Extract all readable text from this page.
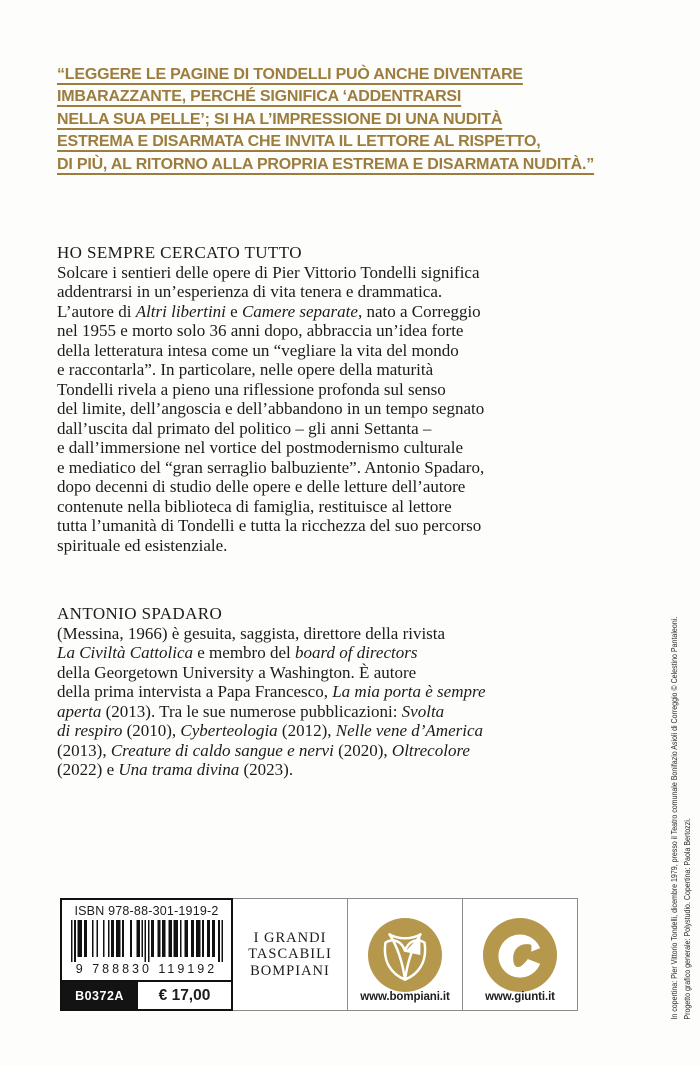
“LEGGERE LE PAGINE DI TONDELLI PUÒ ANCHE DIVENTARE
IMBARAZZANTE, PERCHÉ SIGNIFICA ‘ADDENTRARSI
NELLA SUA PELLE’; SI HA L’IMPRESSIONE DI UNA NUDITÀ
ESTREMA E DISARMATA CHE INVITA IL LETTORE AL RISPETTO,
DI PIÙ, AL RITORNO ALLA PROPRIA ESTREMA E DISARMATA NUDITÀ.”
HO SEMPRE CERCATO TUTTO
Solcare i sentieri delle opere di Pier Vittorio Tondelli significa
addentrarsi in un’esperienza di vita tenera e drammatica.
L’autore di Altri libertini e Camere separate, nato a Correggio
nel 1955 e morto solo 36 anni dopo, abbraccia un’idea forte
della letteratura intesa come un “vegliare la vita del mondo
e raccontarla”. In particolare, nelle opere della maturità
Tondelli rivela a pieno una riflessione profonda sul senso
del limite, dell’angoscia e dell’abbandono in un tempo segnato
dall’uscita dal primato del politico – gli anni Settanta –
e dall’immersione nel vortice del postmodernismo culturale
e mediatico del “gran serraglio balbuziente”. Antonio Spadaro,
dopo decenni di studio delle opere e delle letture dell’autore
contenute nella biblioteca di famiglia, restituisce al lettore
tutta l’umanità di Tondelli e tutta la ricchezza del suo percorso
spirituale ed esistenziale.
ANTONIO SPADARO
(Messina, 1966) è gesuita, saggista, direttore della rivista
La Civiltà Cattolica e membro del board of directors
della Georgetown University a Washington. È autore
della prima intervista a Papa Francesco, La mia porta è sempre
aperta (2013). Tra le sue numerose pubblicazioni: Svolta
di respiro (2010), Cyberteologia (2012), Nelle vene d’America
(2013), Creature di caldo sangue e nervi (2020), Oltrecolore
(2022) e Una trama divina (2023).
ISBN 978-88-301-1919-2
9 788830 119192
B0372A	€ 17,00
I GRANDI
TASCABILI
BOMPIANI
www.bompiani.it	www.giunti.it	In copertina: Pier Vittorio Tondelli, dicembre 1979, presso il Teatro comunale Bonifazio Asioli di Correggio © Celestino Pantaleoni. Progetto grafico generale: Polystudio. Copertina: Paola Bertozzi.
